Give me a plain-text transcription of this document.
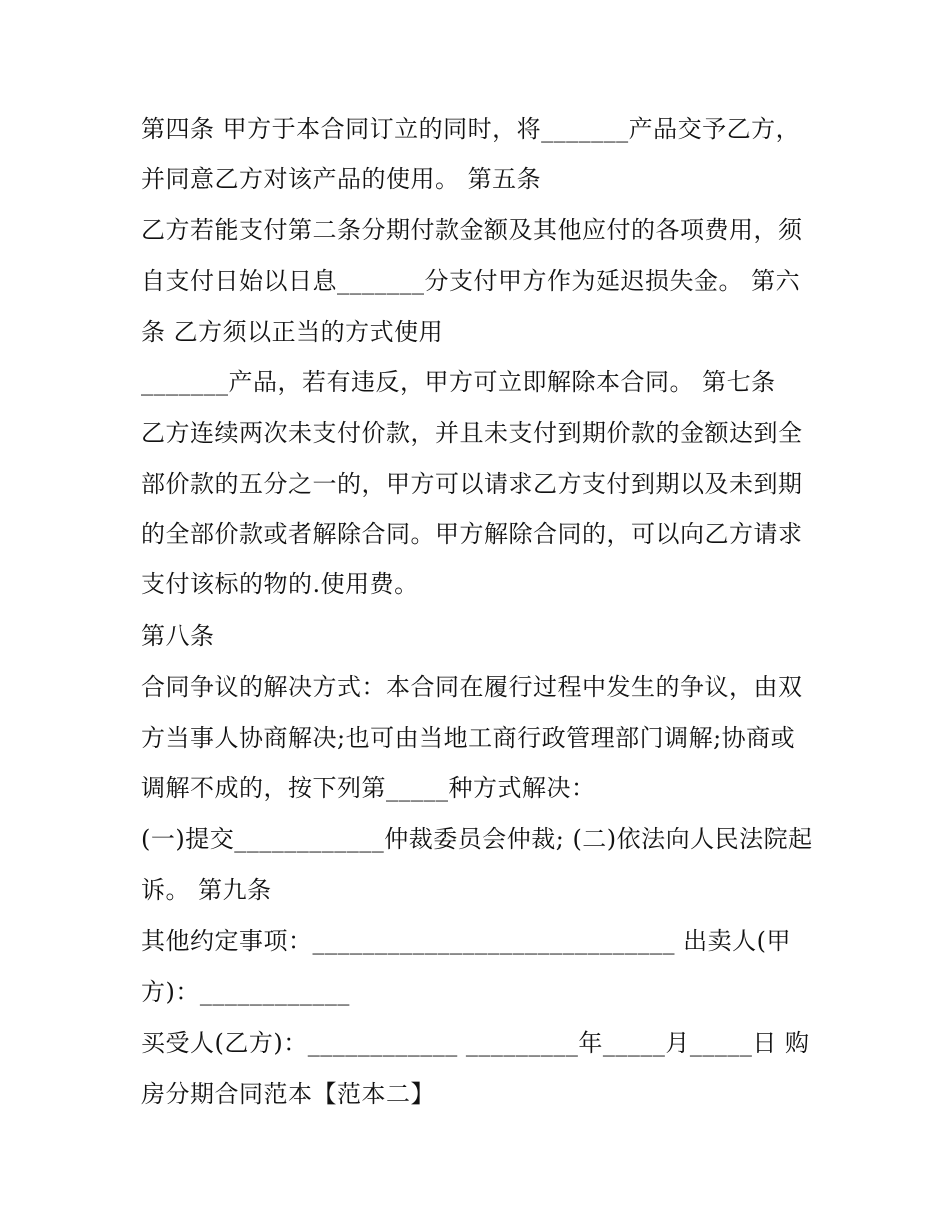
第四条 甲方于本合同订立的同时，将_______产品交予乙方，
并同意乙方对该产品的使用。 第五条
乙方若能支付第二条分期付款金额及其他应付的各项费用，须
自支付日始以日息_______分支付甲方作为延迟损失金。 第六
条 乙方须以正当的方式使用
_______产品，若有违反，甲方可立即解除本合同。 第七条
乙方连续两次未支付价款，并且未支付到期价款的金额达到全
部价款的五分之一的，甲方可以请求乙方支付到期以及未到期
的全部价款或者解除合同。甲方解除合同的，可以向乙方请求
支付该标的物的.使用费。
第八条
合同争议的解决方式：本合同在履行过程中发生的争议，由双
方当事人协商解决;也可由当地工商行政管理部门调解;协商或
调解不成的，按下列第_____种方式解决：
(一)提交____________仲裁委员会仲裁; (二)依法向人民法院起
诉。 第九条
其他约定事项：_____________________________ 出卖人(甲
方)：____________
买受人(乙方)：____________ _________年_____月_____日 购
房分期合同范本【范本二】
